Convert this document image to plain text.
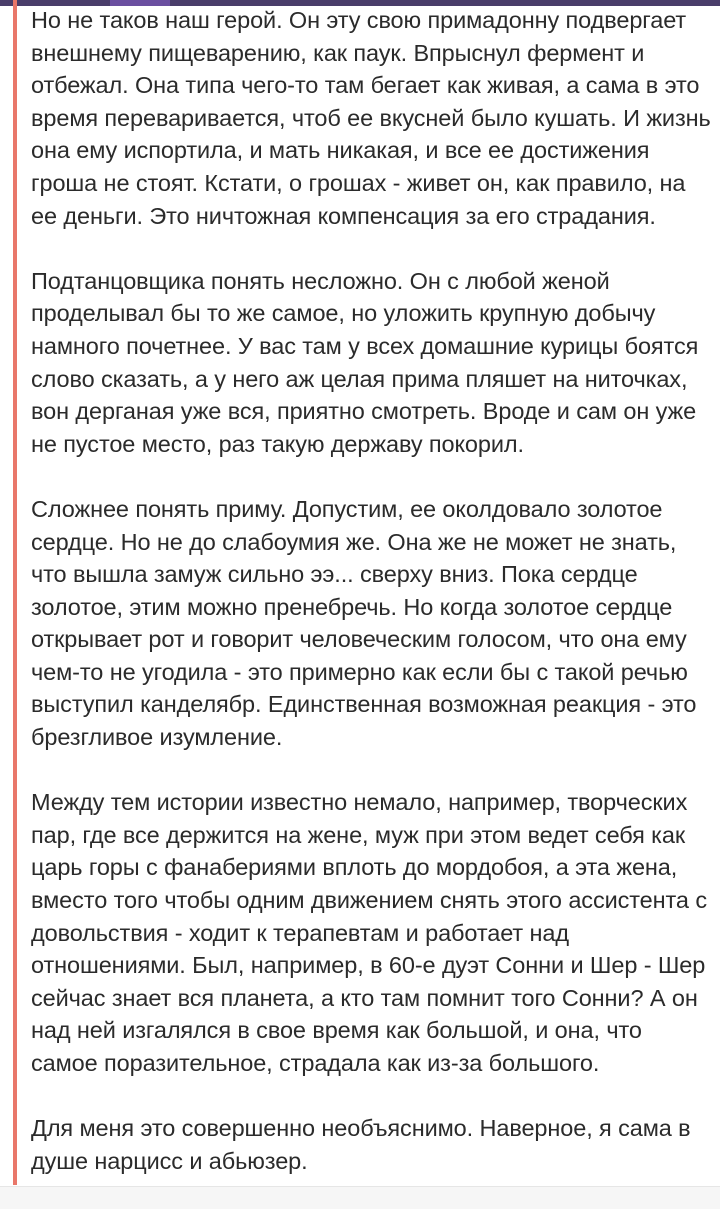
Но не таков наш герой. Он эту свою примадонну подвергает внешнему пищеварению, как паук. Впрыснул фермент и отбежал. Она типа чего-то там бегает как живая, а сама в это время переваривается, чтоб ее вкусней было кушать. И жизнь она ему испортила, и мать никакая, и все ее достижения гроша не стоят. Кстати, о грошах - живет он, как правило, на ее деньги. Это ничтожная компенсация за его страдания.

Подтанцовщика понять несложно. Он с любой женой проделывал бы то же самое, но уложить крупную добычу намного почетнее. У вас там у всех домашние курицы боятся слово сказать, а у него аж целая прима пляшет на ниточках, вон дерганая уже вся, приятно смотреть. Вроде и сам он уже не пустое место, раз такую державу покорил.

Сложнее понять приму. Допустим, ее околдовало золотое сердце. Но не до слабоумия же. Она же не может не знать, что вышла замуж сильно ээ... сверху вниз. Пока сердце золотое, этим можно пренебречь. Но когда золотое сердце открывает рот и говорит человеческим голосом, что она ему чем-то не угодила - это примерно как если бы с такой речью выступил канделябр. Единственная возможная реакция - это брезгливое изумление.

Между тем истории известно немало, например, творческих пар, где все держится на жене, муж при этом ведет себя как царь горы с фанабериями вплоть до мордобоя, а эта жена, вместо того чтобы одним движением снять этого ассистента с довольствия - ходит к терапевтам и работает над отношениями. Был, например, в 60-е дуэт Сонни и Шер - Шер сейчас знает вся планета, а кто там помнит того Сонни? А он над ней изгалялся в свое время как большой, и она, что самое поразительное, страдала как из-за большого.

Для меня это совершенно необъяснимо. Наверное, я сама в душе нарцисс и абьюзер.
